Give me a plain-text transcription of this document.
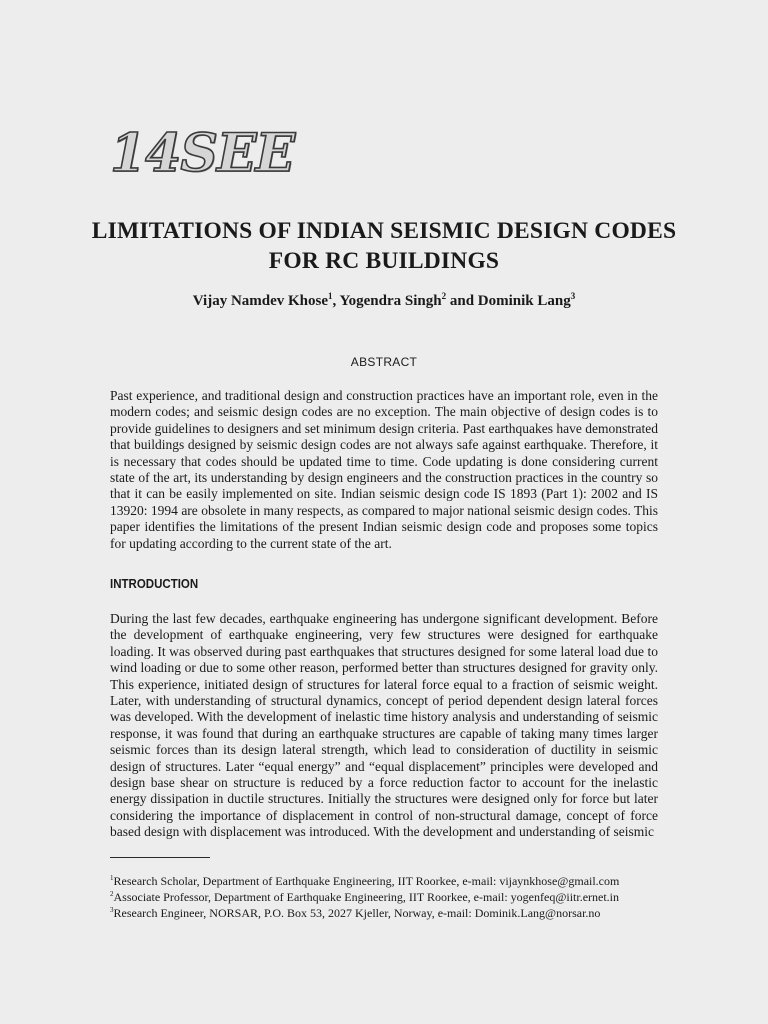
14SEE
LIMITATIONS OF INDIAN SEISMIC DESIGN CODES FOR RC BUILDINGS
Vijay Namdev Khose$^1$, Yogendra Singh$^2$ and Dominik Lang$^3$
ABSTRACT

Past experience, and traditional design and construction practices have an important role, even in the modern codes; and seismic design codes are no exception. The main objective of design codes is to provide guidelines to designers and set minimum design criteria. Past earthquakes have demonstrated that buildings designed by seismic design codes are not always safe against earthquake. Therefore, it is necessary that codes should be updated time to time. Code updating is done considering current state of the art, its understanding by design engineers and the construction practices in the country so that it can be easily implemented on site. Indian seismic design code IS 1893 (Part 1): 2002 and IS 13920: 1994 are obsolete in many respects, as compared to major national seismic design codes. This paper identifies the limitations of the present Indian seismic design code and proposes some topics for updating according to the current state of the art.

INTRODUCTION

During the last few decades, earthquake engineering has undergone significant development. Before the development of earthquake engineering, very few structures were designed for earthquake loading. It was observed during past earthquakes that structures designed for some lateral load due to wind loading or due to some other reason, performed better than structures designed for gravity only. This experience, initiated design of structures for lateral force equal to a fraction of seismic weight. Later, with understanding of structural dynamics, concept of period dependent design lateral forces was developed. With the development of inelastic time history analysis and understanding of seismic response, it was found that during an earthquake structures are capable of taking many times larger seismic forces than its design lateral strength, which lead to consideration of ductility in seismic design of structures. Later “equal energy” and “equal displacement” principles were developed and design base shear on structure is reduced by a force reduction factor to account for the inelastic energy dissipation in ductile structures. Initially the structures were designed only for force but later considering the importance of displacement in control of non-structural damage, concept of force based design with displacement was introduced. With the development and understanding of seismic

$^1$Research Scholar, Department of Earthquake Engineering, IIT Roorkee, e-mail: vijaynkhose@gmail.com
$^2$Associate Professor, Department of Earthquake Engineering, IIT Roorkee, e-mail: yogenfeq@iitr.ernet.in
$^3$Research Engineer, NORSAR, P.O. Box 53, 2027 Kjeller, Norway, e-mail: Dominik.Lang@norsar.no
